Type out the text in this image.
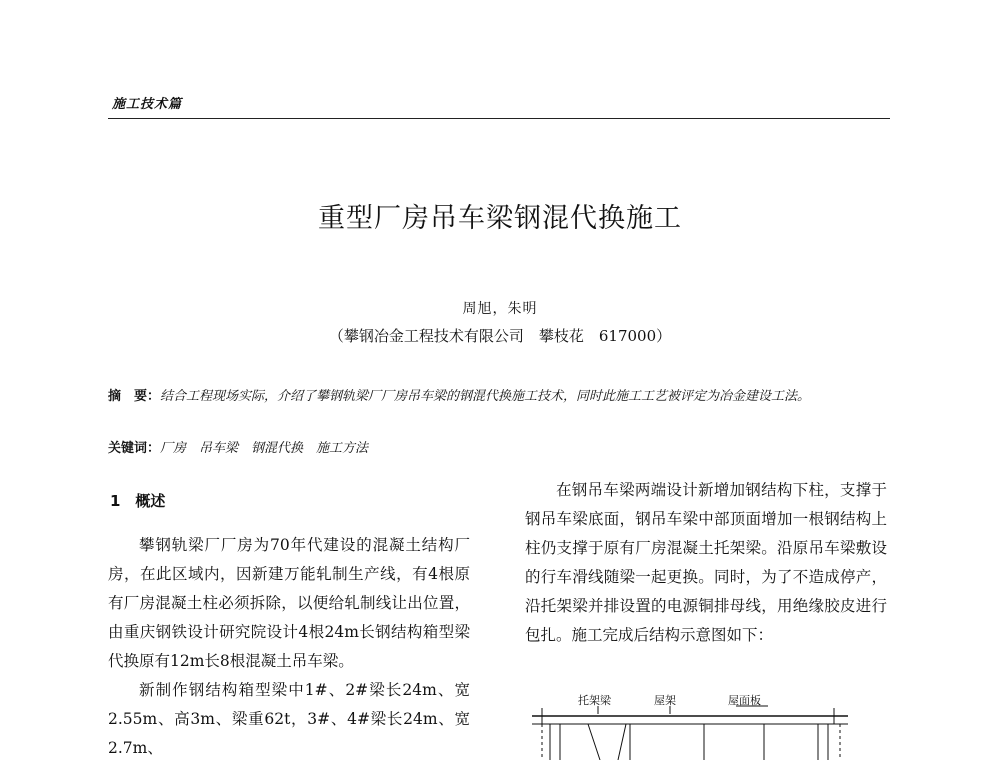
施工技术篇
重型厂房吊车梁钢混代换施工
周旭，朱明
（攀钢冶金工程技术有限公司　攀枝花　617000）
摘　要：结合工程现场实际，介绍了攀钢轨梁厂厂房吊车梁的钢混代换施工技术，同时此施工工艺被评定为冶金建设工法。
关键词：厂房　吊车梁　钢混代换　施工方法
1　概述

攀钢轨梁厂厂房为70年代建设的混凝土结构厂房，在此区域内，因新建万能轧制生产线，有4根原有厂房混凝土柱必须拆除，以便给轧制线让出位置，由重庆钢铁设计研究院设计4根24m长钢结构箱型梁代换原有12m长8根混凝土吊车梁。

新制作钢结构箱型梁中1#、2#梁长24m、宽2.55m、高3m、梁重62t，3#、4#梁长24m、宽2.7m、

在钢吊车梁两端设计新增加钢结构下柱，支撑于钢吊车梁底面，钢吊车梁中部顶面增加一根钢结构上柱仍支撑于原有厂房混凝土托架梁。沿原吊车梁敷设的行车滑线随梁一起更换。同时，为了不造成停产，沿托架梁并排设置的电源铜排母线，用绝缘胶皮进行包扎。施工完成后结构示意图如下：

托架梁	屋架	屋面板
